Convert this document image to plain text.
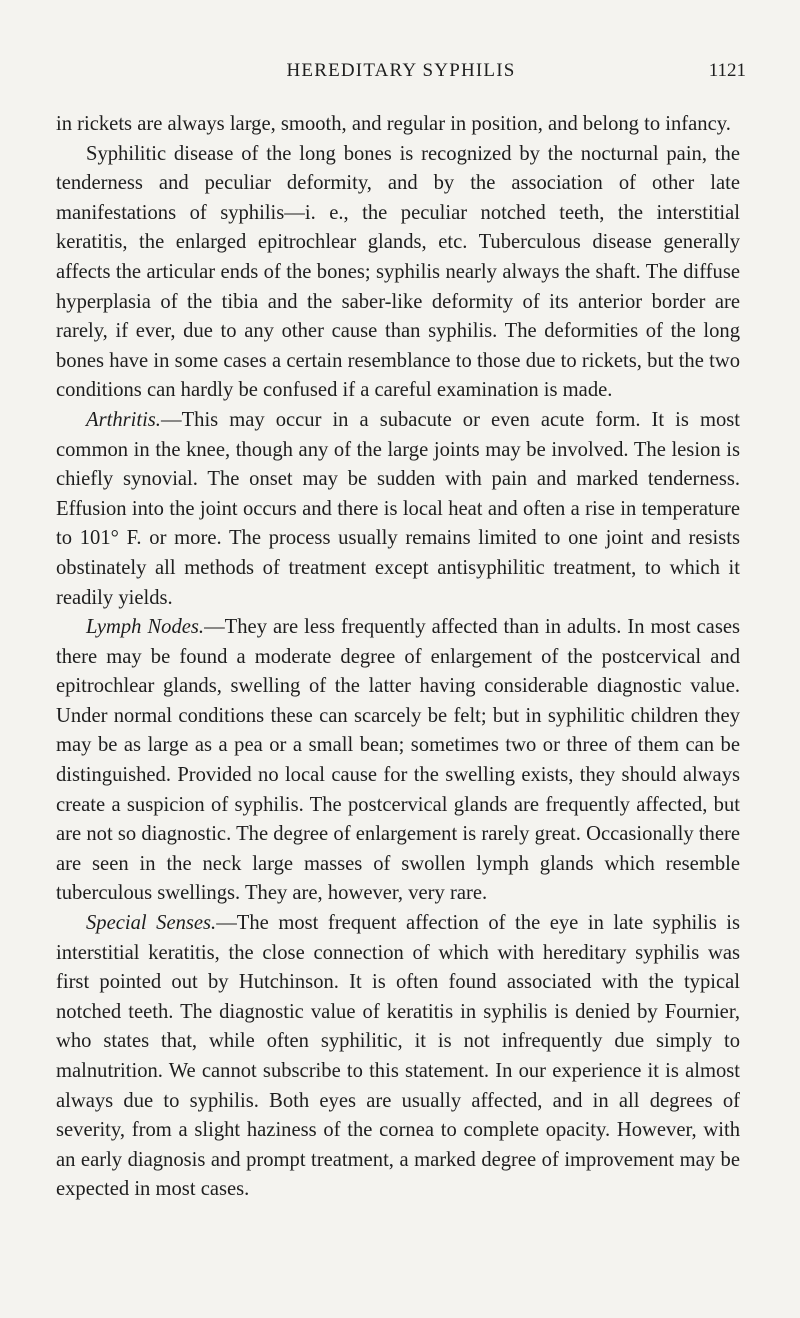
HEREDITARY SYPHILIS	1121

in rickets are always large, smooth, and regular in position, and belong to infancy.

Syphilitic disease of the long bones is recognized by the nocturnal pain, the tenderness and peculiar deformity, and by the association of other late manifestations of syphilis—i. e., the peculiar notched teeth, the interstitial keratitis, the enlarged epitrochlear glands, etc. Tuberculous disease generally affects the articular ends of the bones; syphilis nearly always the shaft. The diffuse hyperplasia of the tibia and the saber-like deformity of its anterior border are rarely, if ever, due to any other cause than syphilis. The deformities of the long bones have in some cases a certain resemblance to those due to rickets, but the two conditions can hardly be confused if a careful examination is made.

Arthritis.—This may occur in a subacute or even acute form. It is most common in the knee, though any of the large joints may be involved. The lesion is chiefly synovial. The onset may be sudden with pain and marked tenderness. Effusion into the joint occurs and there is local heat and often a rise in temperature to 101° F. or more. The process usually remains limited to one joint and resists obstinately all methods of treatment except antisyphilitic treatment, to which it readily yields.

Lymph Nodes.—They are less frequently affected than in adults. In most cases there may be found a moderate degree of enlargement of the postcervical and epitrochlear glands, swelling of the latter having considerable diagnostic value. Under normal conditions these can scarcely be felt; but in syphilitic children they may be as large as a pea or a small bean; sometimes two or three of them can be distinguished. Provided no local cause for the swelling exists, they should always create a suspicion of syphilis. The postcervical glands are frequently affected, but are not so diagnostic. The degree of enlargement is rarely great. Occasionally there are seen in the neck large masses of swollen lymph glands which resemble tuberculous swellings. They are, however, very rare.

Special Senses.—The most frequent affection of the eye in late syphilis is interstitial keratitis, the close connection of which with hereditary syphilis was first pointed out by Hutchinson. It is often found associated with the typical notched teeth. The diagnostic value of keratitis in syphilis is denied by Fournier, who states that, while often syphilitic, it is not infrequently due simply to malnutrition. We cannot subscribe to this statement. In our experience it is almost always due to syphilis. Both eyes are usually affected, and in all degrees of severity, from a slight haziness of the cornea to complete opacity. However, with an early diagnosis and prompt treatment, a marked degree of improvement may be expected in most cases.
